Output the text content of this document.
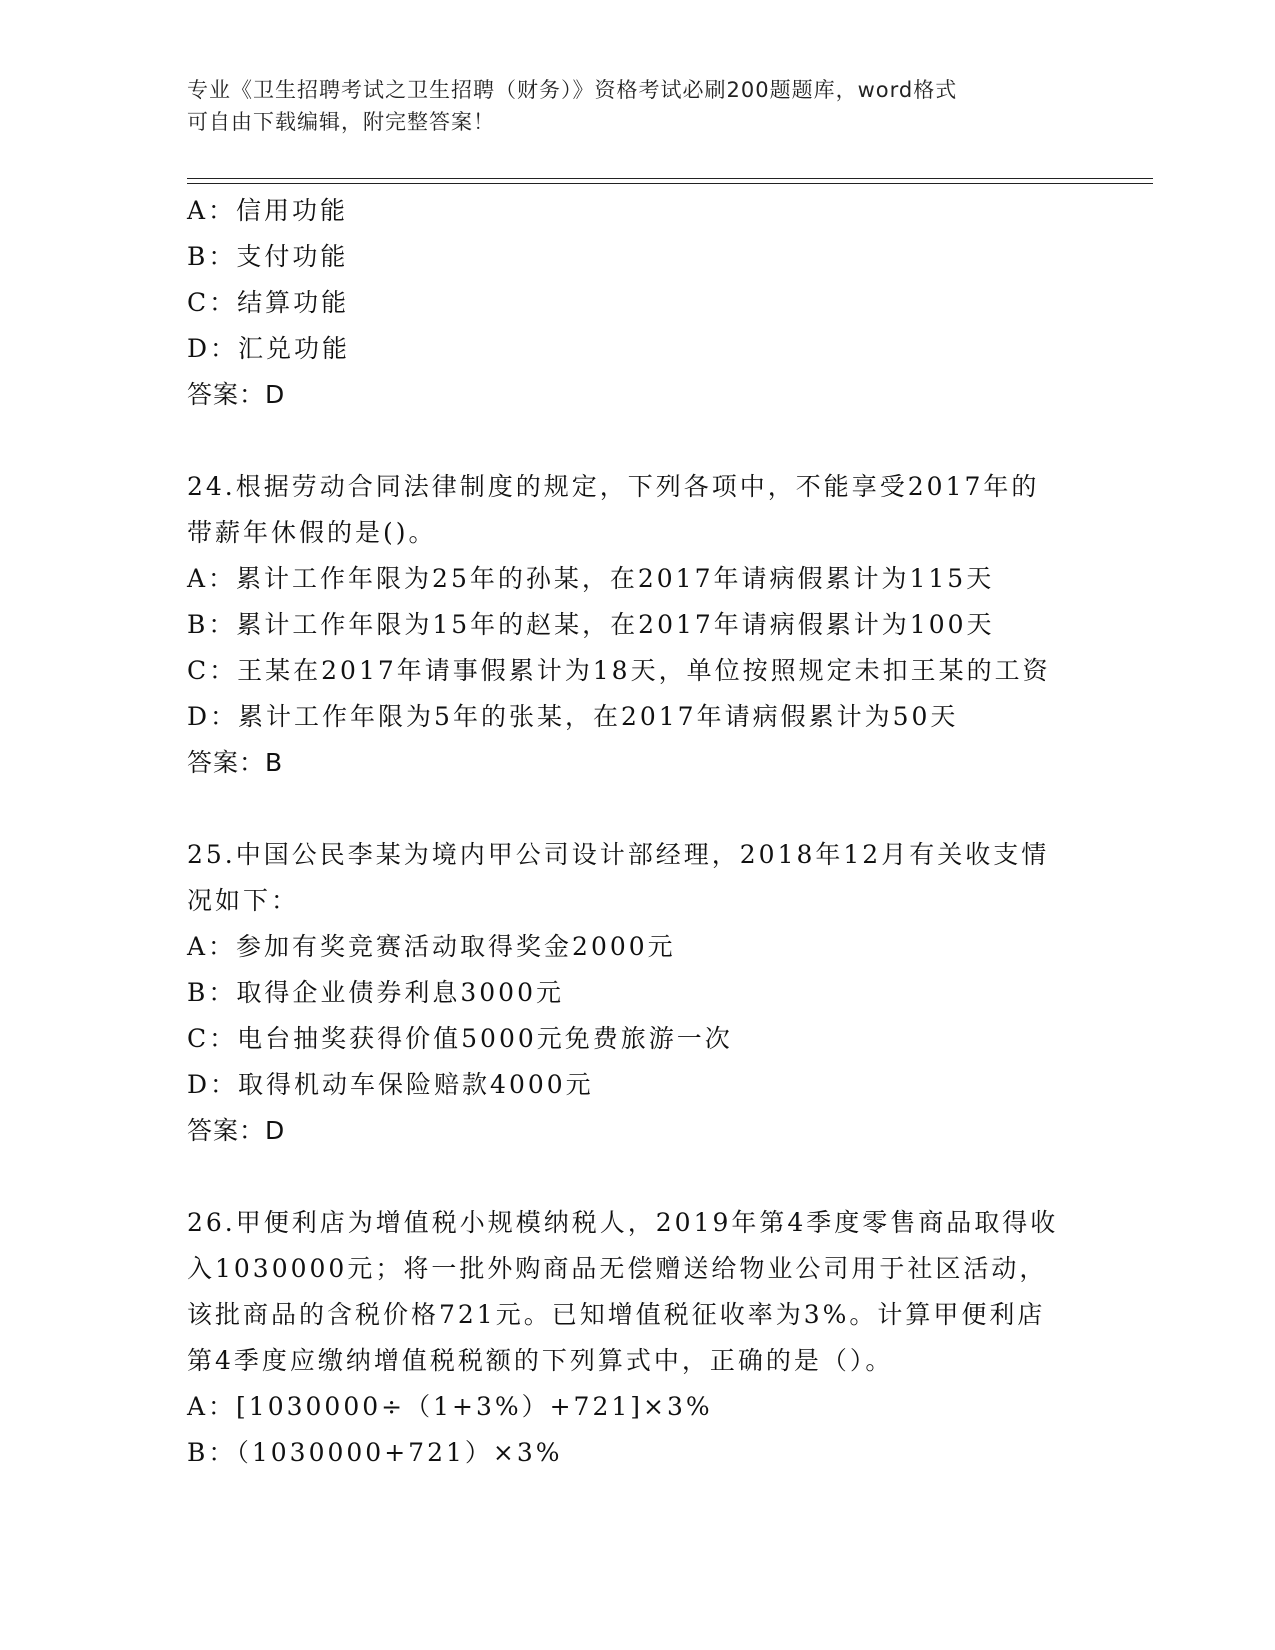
专业《卫生招聘考试之卫生招聘（财务）》资格考试必刷200题题库，word格式
可自由下载编辑，附完整答案！
A：信用功能
B：支付功能
C：结算功能
D：汇兑功能
答案：D
24.根据劳动合同法律制度的规定，下列各项中，不能享受2017年的
带薪年休假的是()。
A：累计工作年限为25年的孙某，在2017年请病假累计为115天
B：累计工作年限为15年的赵某，在2017年请病假累计为100天
C：王某在2017年请事假累计为18天，单位按照规定未扣王某的工资
D：累计工作年限为5年的张某，在2017年请病假累计为50天
答案：B
25.中国公民李某为境内甲公司设计部经理，2018年12月有关收支情
况如下：
A：参加有奖竞赛活动取得奖金2000元
B：取得企业债券利息3000元
C：电台抽奖获得价值5000元免费旅游一次
D：取得机动车保险赔款4000元
答案：D
26.甲便利店为增值税小规模纳税人，2019年第4季度零售商品取得收
入1030000元；将一批外购商品无偿赠送给物业公司用于社区活动，
该批商品的含税价格721元。已知增值税征收率为3%。计算甲便利店
第4季度应缴纳增值税税额的下列算式中，正确的是（）。
A：[1030000÷（1+3%）+721]×3%
B：（1030000+721）×3%
